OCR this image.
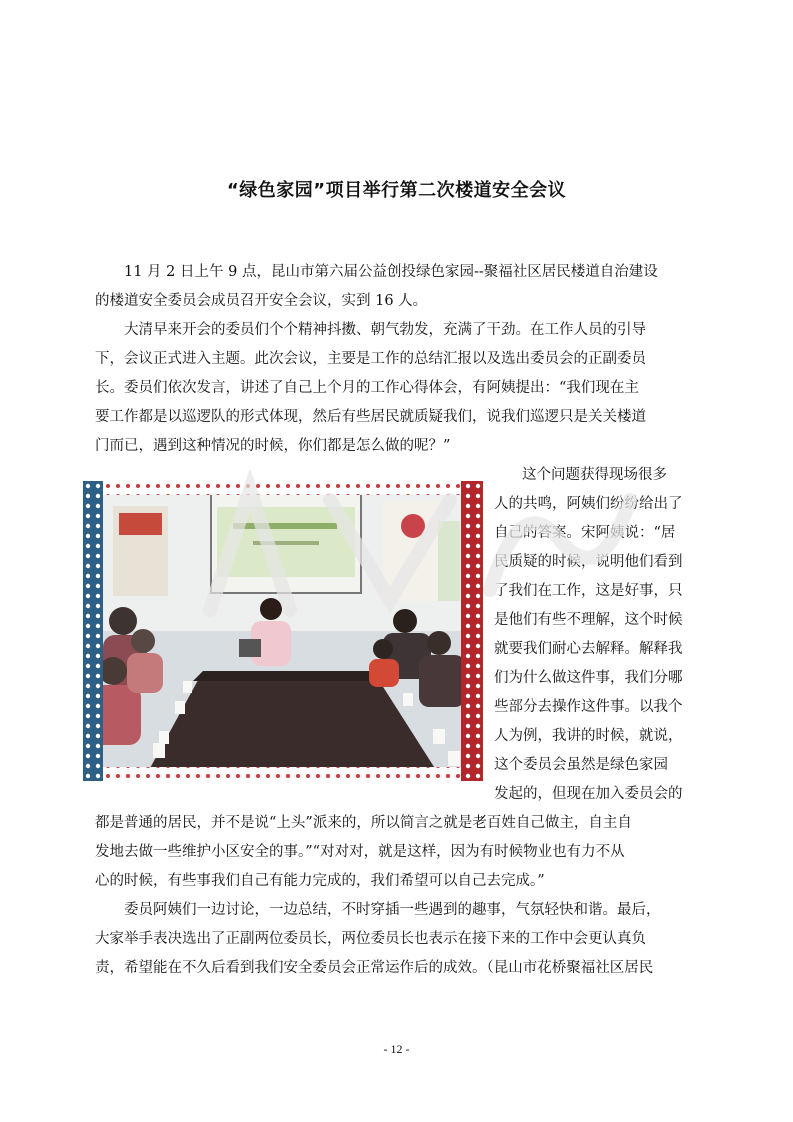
“绿色家园”项目举行第二次楼道安全会议
11 月 2 日上午 9 点，昆山市第六届公益创投绿色家园--聚福社区居民楼道自治建设
的楼道安全委员会成员召开安全会议，实到 16 人。
大清早来开会的委员们个个精神抖擞、朝气勃发，充满了干劲。在工作人员的引导
下，会议正式进入主题。此次会议，主要是工作的总结汇报以及选出委员会的正副委员
长。委员们依次发言，讲述了自己上个月的工作心得体会，有阿姨提出：“我们现在主
要工作都是以巡逻队的形式体现，然后有些居民就质疑我们，说我们巡逻只是关关楼道
门而已，遇到这种情况的时候，你们都是怎么做的呢？”
这个问题获得现场很多
人的共鸣，阿姨们纷纷给出了
自己的答案。宋阿姨说：“居
民质疑的时候，说明他们看到
了我们在工作，这是好事，只
是他们有些不理解，这个时候
就要我们耐心去解释。解释我
们为什么做这件事，我们分哪
些部分去操作这件事。以我个
人为例，我讲的时候，就说，
这个委员会虽然是绿色家园
发起的，但现在加入委员会的
都是普通的居民，并不是说“上头”派来的，所以简言之就是老百姓自己做主，自主自
发地去做一些维护小区安全的事。”“对对对，就是这样，因为有时候物业也有力不从
心的时候，有些事我们自己有能力完成的，我们希望可以自己去完成。”
委员阿姨们一边讨论，一边总结，不时穿插一些遇到的趣事，气氛轻快和谐。最后，
大家举手表决选出了正副两位委员长，两位委员长也表示在接下来的工作中会更认真负
责，希望能在不久后看到我们安全委员会正常运作后的成效。（昆山市花桥聚福社区居民
- 12 -
